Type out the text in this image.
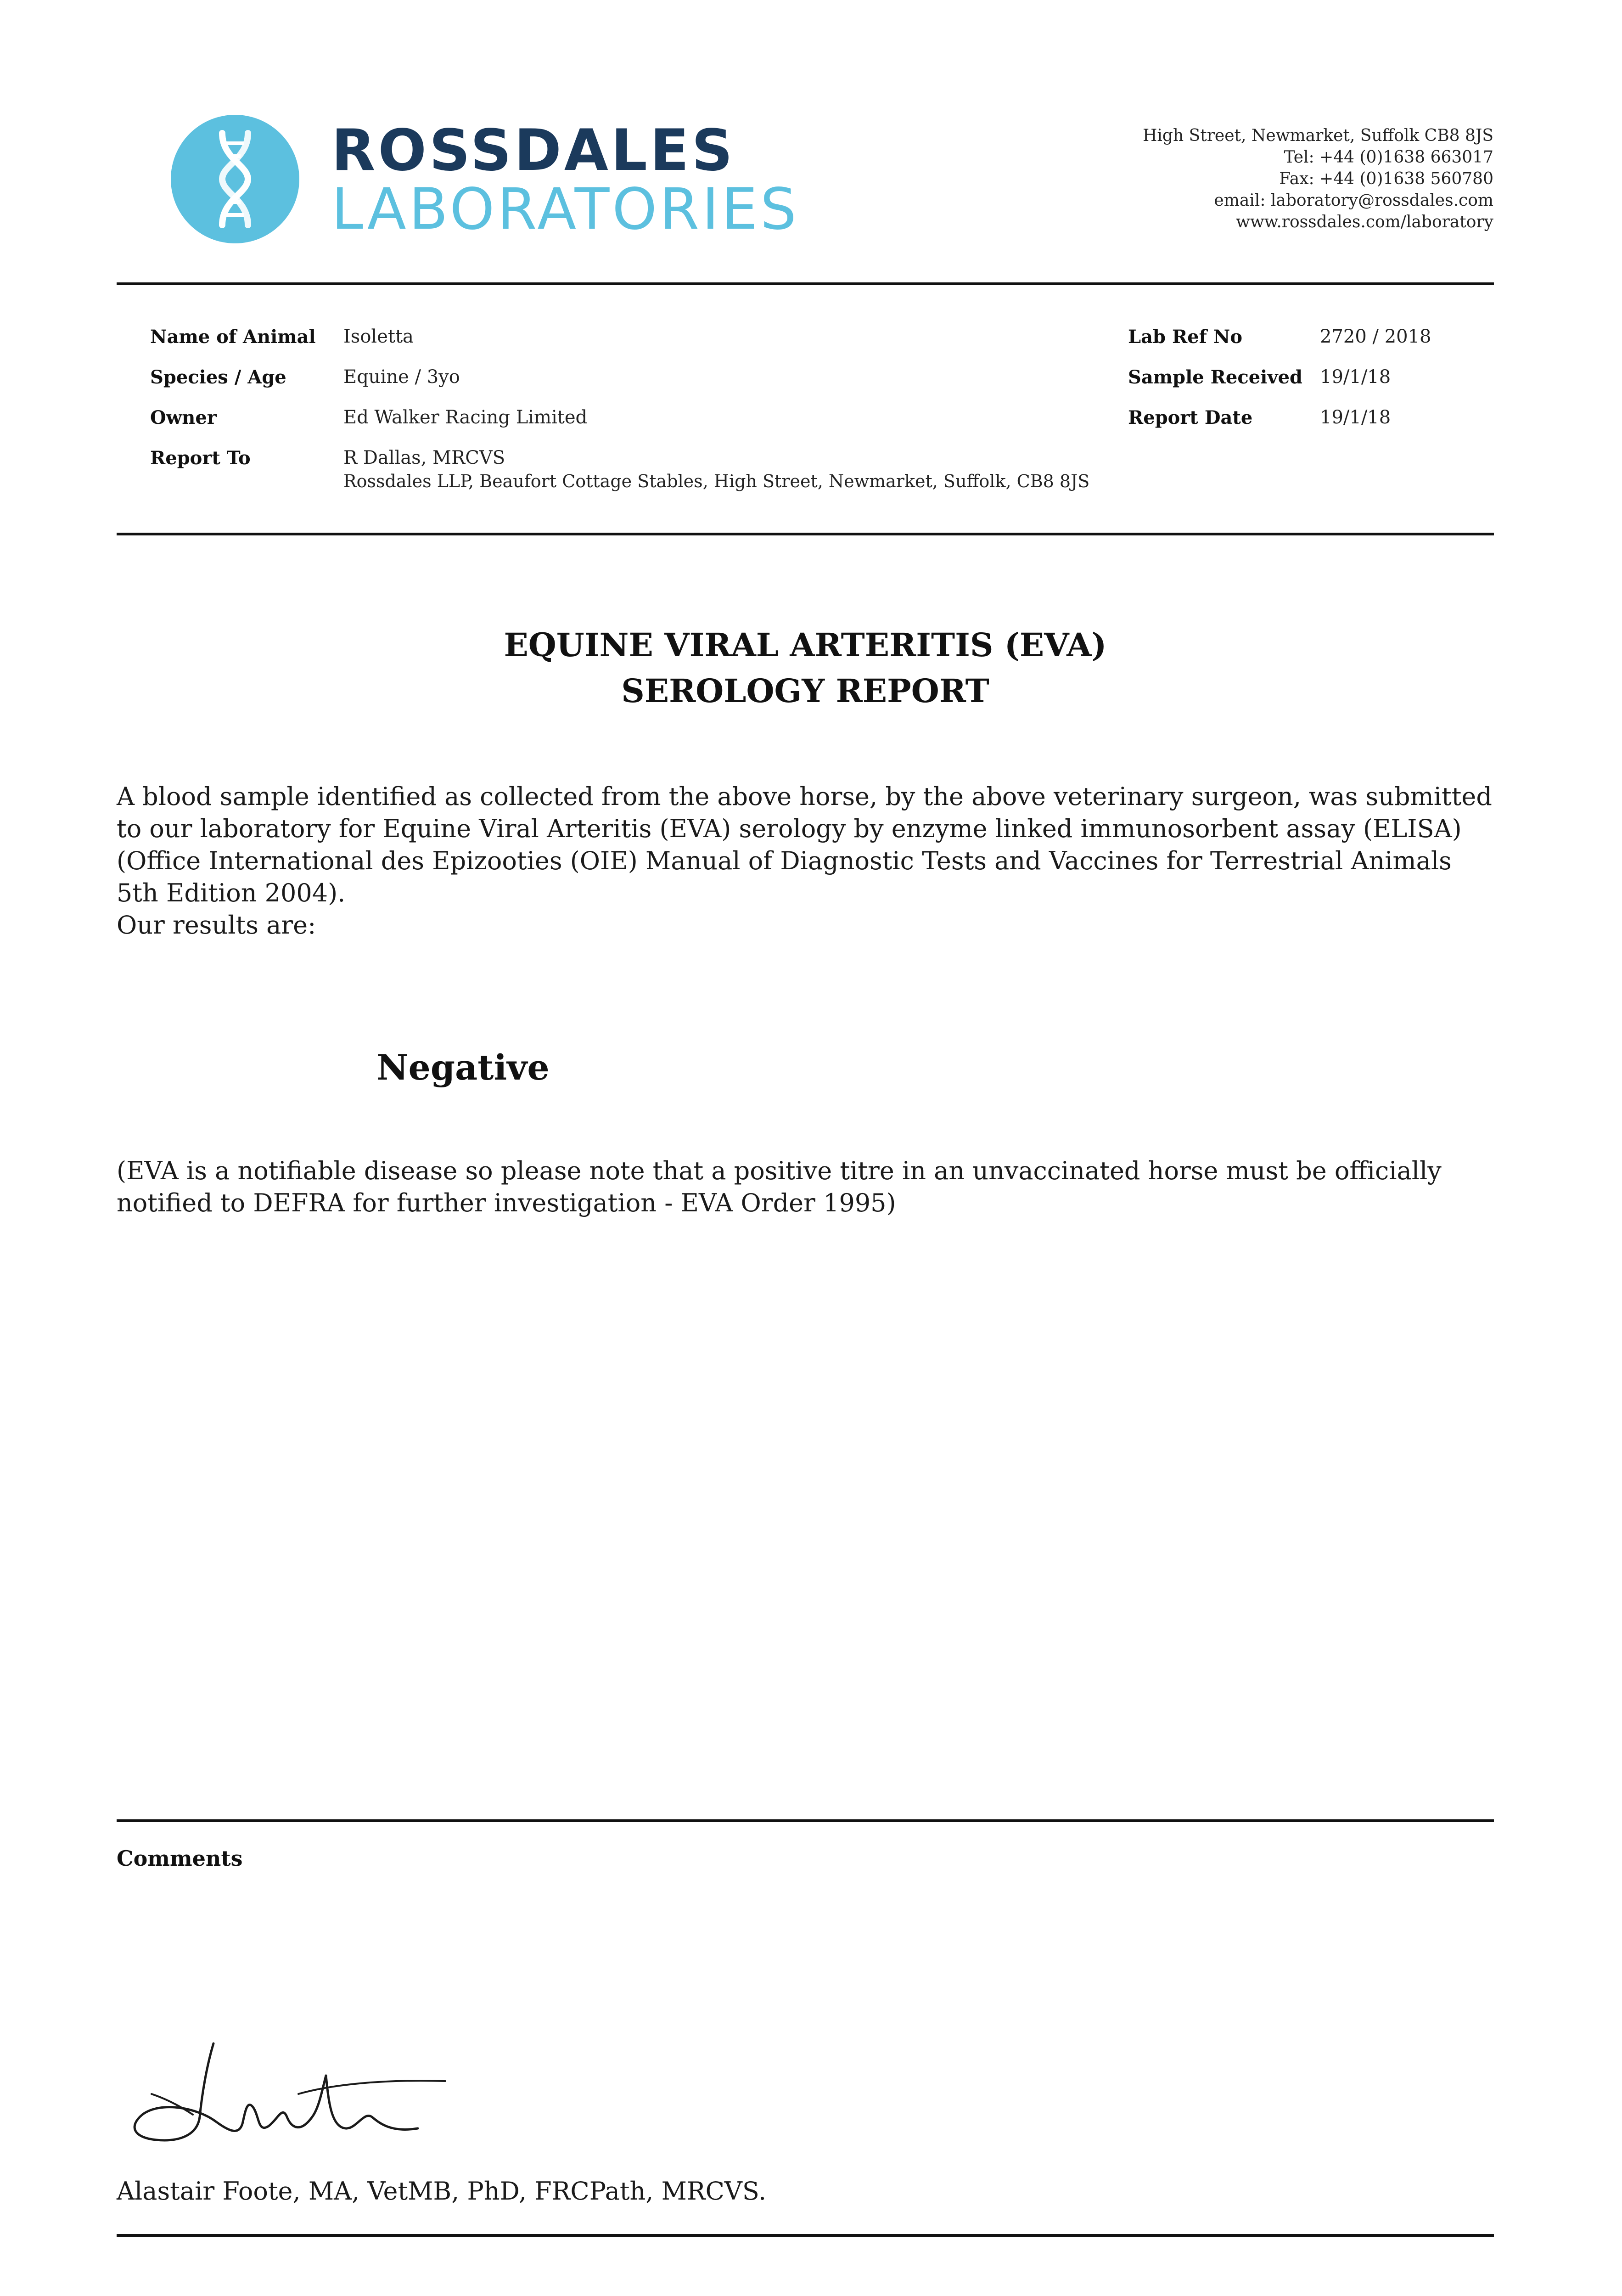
ROSSDALES
LABORATORIES
High Street, Newmarket, Suffolk CB8 8JS
Tel: +44 (0)1638 663017
Fax: +44 (0)1638 560780
email: laboratory@rossdales.com
www.rossdales.com/laboratory
Name of Animal Isoletta
Species / Age	Equine / 3yo
Owner	Ed Walker Racing Limited
Report To	R Dallas, MRCVS
Rossdales LLP, Beaufort Cottage Stables, High Street, Newmarket, Suffolk, CB8 8JS
Lab Ref No	2720 / 2018
Sample Received 19/1/18
Report Date	19/1/18
EQUINE VIRAL ARTERITIS (EVA)
SEROLOGY REPORT
A blood sample identified as collected from the above horse, by the above veterinary surgeon, was submitted to our laboratory for Equine Viral Arteritis (EVA) serology by enzyme linked immunosorbent assay (ELISA) (Office International des Epizooties (OIE) Manual of Diagnostic Tests and Vaccines for Terrestrial Animals 5th Edition 2004).
Our results are:
Negative
(EVA is a notifiable disease so please note that a positive titre in an unvaccinated horse must be officially notified to DEFRA for further investigation - EVA Order 1995)
Comments
Alastair Foote, MA, VetMB, PhD, FRCPath, MRCVS.
